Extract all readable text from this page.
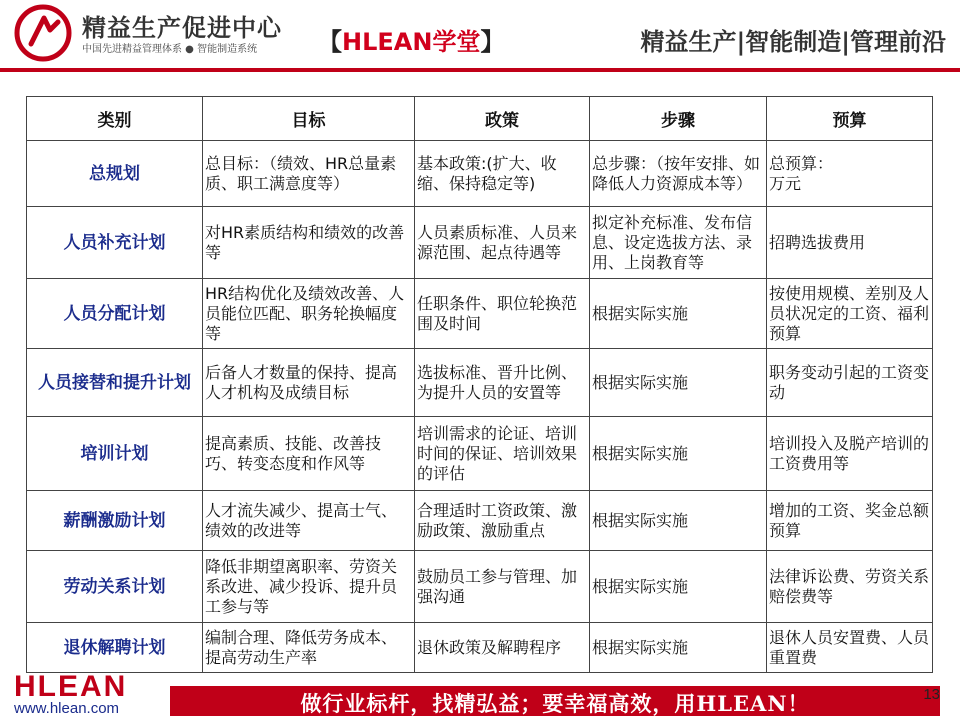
精益生产促进中心
中国先进精益管理体系 ● 智能制造系统	【HLEAN学堂】	精益生产|智能制造|管理前沿
类别	目标	政策	步骤	预算
总规划	总目标：（绩效、HR总量素质、职工满意度等）	基本政策:(扩大、收缩、保持稳定等)	总步骤：（按年安排、如降低人力资源成本等）	总预算：
万元
人员补充计划	对HR素质结构和绩效的改善等	人员素质标准、人员来源范围、起点待遇等	拟定补充标准、发布信息、设定选拔方法、录用、上岗教育等	招聘选拔费用
人员分配计划	HR结构优化及绩效改善、人员能位匹配、职务轮换幅度等	任职条件、职位轮换范围及时间	根据实际实施	按使用规模、差别及人员状况定的工资、福利预算
人员接替和提升计划	后备人才数量的保持、提高人才机构及成绩目标	选拔标准、晋升比例、为提升人员的安置等	根据实际实施	职务变动引起的工资变动
培训计划	提高素质、技能、改善技巧、转变态度和作风等	培训需求的论证、培训时间的保证、培训效果的评估	根据实际实施	培训投入及脱产培训的工资费用等
薪酬激励计划	人才流失减少、提高士气、绩效的改进等	合理适时工资政策、激励政策、激励重点	根据实际实施	增加的工资、奖金总额预算
劳动关系计划	降低非期望离职率、劳资关系改进、减少投诉、提升员工参与等	鼓励员工参与管理、加强沟通	根据实际实施	法律诉讼费、劳资关系赔偿费等
退休解聘计划	编制合理、降低劳务成本、提高劳动生产率	退休政策及解聘程序	根据实际实施	退休人员安置费、人员重置费
HLEAN
www.hlean.com	做行业标杆，找精弘益；要幸福高效，用HLEAN！	13
